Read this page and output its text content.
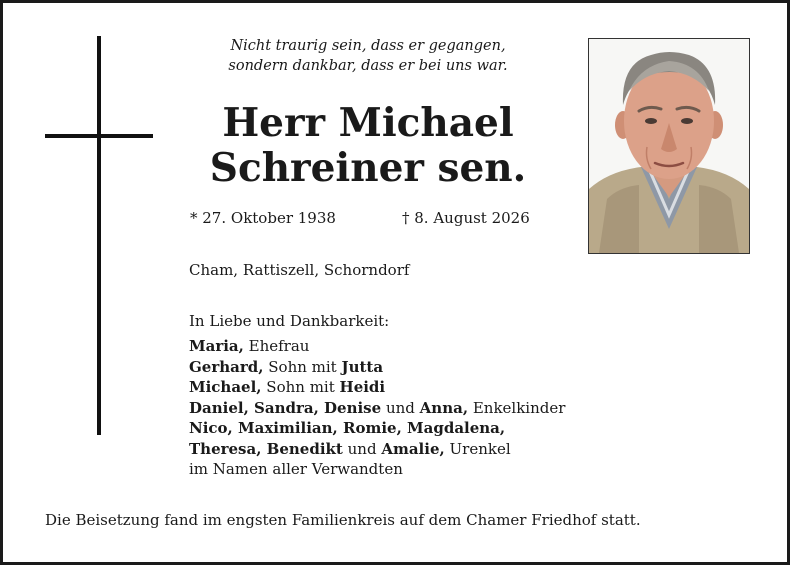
Nicht traurig sein, dass er gegangen,
sondern dankbar, dass er bei uns war.
Herr Michael
Schreiner sen.
* 27. Oktober 1938	† 8. August 2026
Cham, Rattiszell, Schorndorf
In Liebe und Dankbarkeit:
Maria, Ehefrau
Gerhard, Sohn mit Jutta
Michael, Sohn mit Heidi
Daniel, Sandra, Denise und Anna, Enkelkinder
Nico, Maximilian, Romie, Magdalena,
Theresa, Benedikt und Amalie, Urenkel
im Namen aller Verwandten
Die Beisetzung fand im engsten Familienkreis auf dem Chamer Friedhof statt.
